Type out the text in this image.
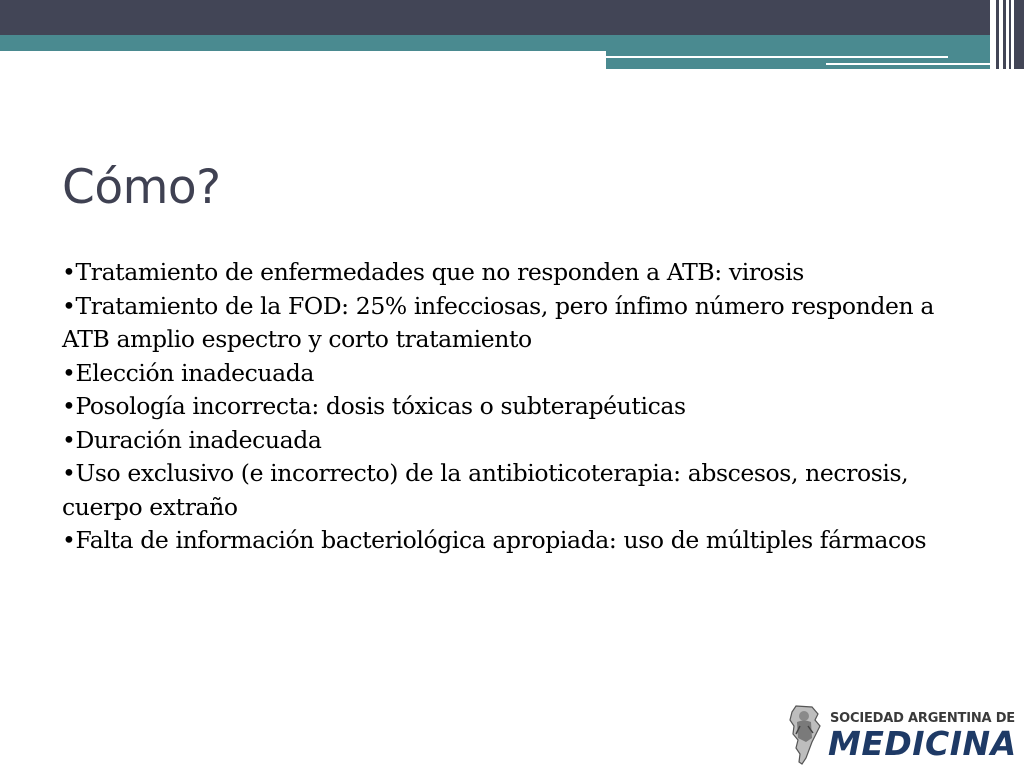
Cómo?
• Tratamiento de enfermedades que no responden a ATB: virosis
• Tratamiento de la FOD: 25% infecciosas, pero ínfimo número responden a ATB amplio espectro y corto tratamiento
• Elección inadecuada
• Posología incorrecta: dosis tóxicas o subterapéuticas
• Duración inadecuada
• Uso exclusivo (e incorrecto) de la antibioticoterapia: abscesos, necrosis, cuerpo extraño
• Falta de información bacteriológica apropiada: uso de múltiples fármacos
SOCIEDAD ARGENTINA DE
MEDICINA
